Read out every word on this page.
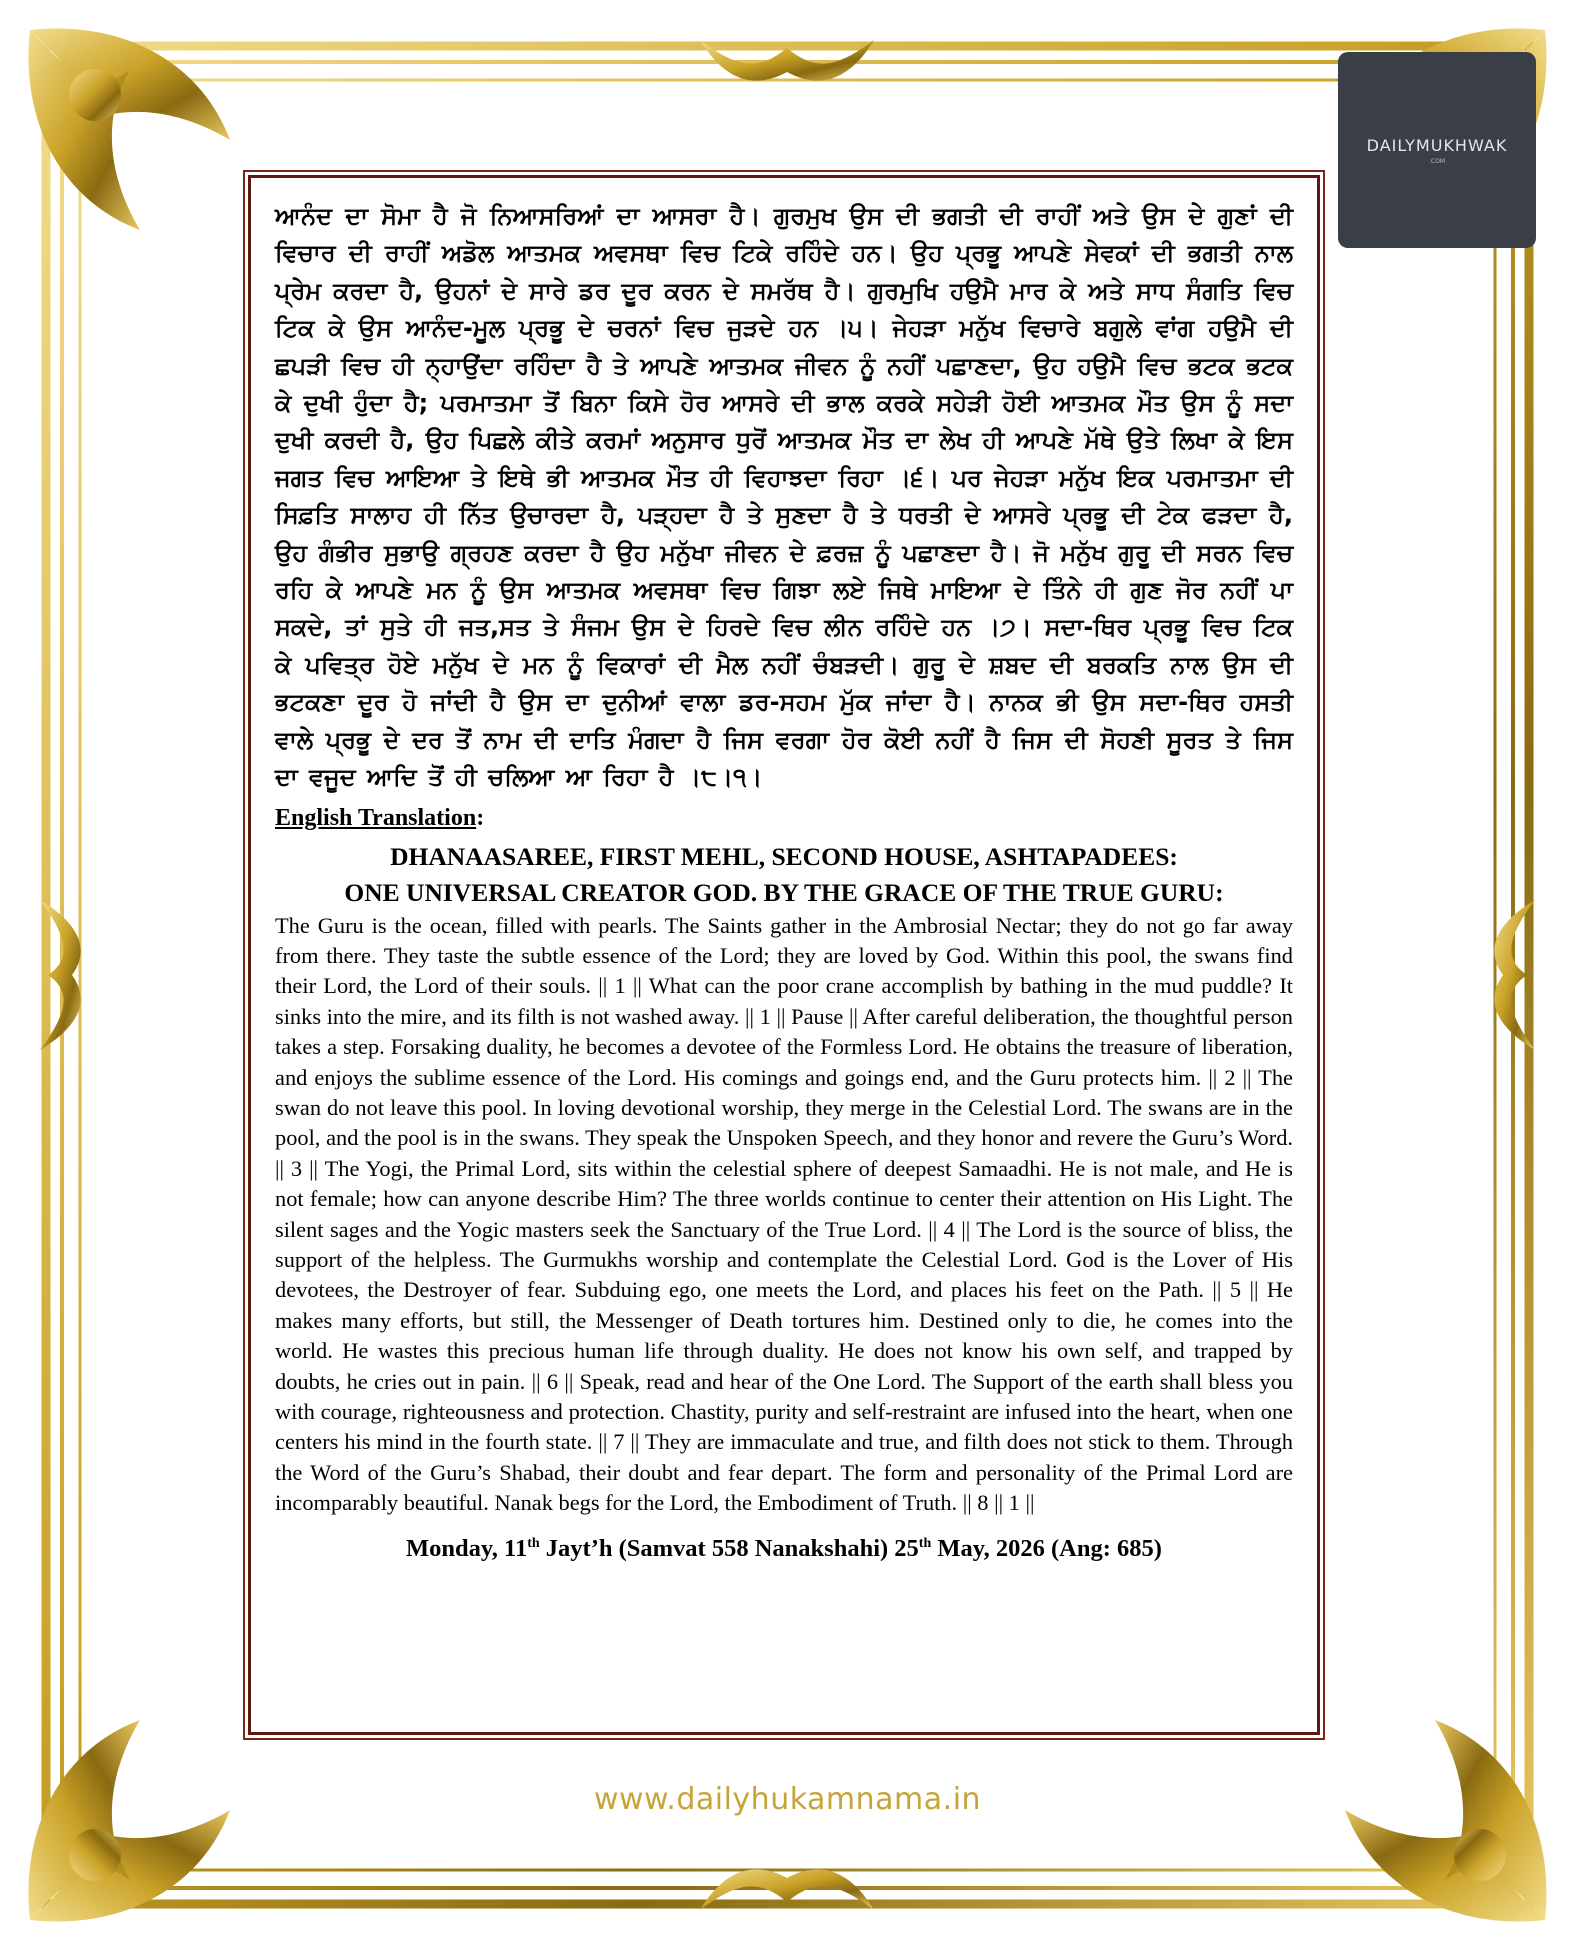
DAILYMUKHWAK
.COM

ਆਨੰਦ ਦਾ ਸੋਮਾ ਹੈ ਜੋ ਨਿਆਸਰਿਆਂ ਦਾ ਆਸਰਾ ਹੈ। ਗੁਰਮੁਖ ਉਸ ਦੀ ਭਗਤੀ ਦੀ ਰਾਹੀਂ ਅਤੇ ਉਸ ਦੇ ਗੁਣਾਂ ਦੀ ਵਿਚਾਰ ਦੀ ਰਾਹੀਂ ਅਡੋਲ ਆਤਮਕ ਅਵਸਥਾ ਵਿਚ ਟਿਕੇ ਰਹਿੰਦੇ ਹਨ। ਉਹ ਪ੍ਰਭੂ ਆਪਣੇ ਸੇਵਕਾਂ ਦੀ ਭਗਤੀ ਨਾਲ ਪ੍ਰੇਮ ਕਰਦਾ ਹੈ, ਉਹਨਾਂ ਦੇ ਸਾਰੇ ਡਰ ਦੂਰ ਕਰਨ ਦੇ ਸਮਰੱਥ ਹੈ। ਗੁਰਮੁਖਿ ਹਉਮੈ ਮਾਰ ਕੇ ਅਤੇ ਸਾਧ ਸੰਗਤਿ ਵਿਚ ਟਿਕ ਕੇ ਉਸ ਆਨੰਦ-ਮੂਲ ਪ੍ਰਭੂ ਦੇ ਚਰਨਾਂ ਵਿਚ ਜੁੜਦੇ ਹਨ ।੫। ਜੇਹੜਾ ਮਨੁੱਖ ਵਿਚਾਰੇ ਬਗੁਲੇ ਵਾਂਗ ਹਉਮੈ ਦੀ ਛਪੜੀ ਵਿਚ ਹੀ ਨ੍ਹਾਉਂਦਾ ਰਹਿੰਦਾ ਹੈ ਤੇ ਆਪਣੇ ਆਤਮਕ ਜੀਵਨ ਨੂੰ ਨਹੀਂ ਪਛਾਣਦਾ, ਉਹ ਹਉਮੈ ਵਿਚ ਭਟਕ ਭਟਕ ਕੇ ਦੁਖੀ ਹੁੰਦਾ ਹੈ; ਪਰਮਾਤਮਾ ਤੋਂ ਬਿਨਾ ਕਿਸੇ ਹੋਰ ਆਸਰੇ ਦੀ ਭਾਲ ਕਰਕੇ ਸਹੇੜੀ ਹੋਈ ਆਤਮਕ ਮੌਤ ਉਸ ਨੂੰ ਸਦਾ ਦੁਖੀ ਕਰਦੀ ਹੈ, ਉਹ ਪਿਛਲੇ ਕੀਤੇ ਕਰਮਾਂ ਅਨੁਸਾਰ ਧੁਰੋਂ ਆਤਮਕ ਮੌਤ ਦਾ ਲੇਖ ਹੀ ਆਪਣੇ ਮੱਥੇ ਉਤੇ ਲਿਖਾ ਕੇ ਇਸ ਜਗਤ ਵਿਚ ਆਇਆ ਤੇ ਇਥੇ ਭੀ ਆਤਮਕ ਮੌਤ ਹੀ ਵਿਹਾਝਦਾ ਰਿਹਾ ।੬। ਪਰ ਜੇਹੜਾ ਮਨੁੱਖ ਇਕ ਪਰਮਾਤਮਾ ਦੀ ਸਿਫ਼ਤਿ ਸਾਲਾਹ ਹੀ ਨਿੱਤ ਉਚਾਰਦਾ ਹੈ, ਪੜ੍ਹਦਾ ਹੈ ਤੇ ਸੁਣਦਾ ਹੈ ਤੇ ਧਰਤੀ ਦੇ ਆਸਰੇ ਪ੍ਰਭੂ ਦੀ ਟੇਕ ਫੜਦਾ ਹੈ, ਉਹ ਗੰਭੀਰ ਸੁਭਾਉ ਗ੍ਰਹਣ ਕਰਦਾ ਹੈ ਉਹ ਮਨੁੱਖਾ ਜੀਵਨ ਦੇ ਫ਼ਰਜ਼ ਨੂੰ ਪਛਾਣਦਾ ਹੈ। ਜੋ ਮਨੁੱਖ ਗੁਰੂ ਦੀ ਸਰਨ ਵਿਚ ਰਹਿ ਕੇ ਆਪਣੇ ਮਨ ਨੂੰ ਉਸ ਆਤਮਕ ਅਵਸਥਾ ਵਿਚ ਗਿਝਾ ਲਏ ਜਿਥੇ ਮਾਇਆ ਦੇ ਤਿੰਨੇ ਹੀ ਗੁਣ ਜੋਰ ਨਹੀਂ ਪਾ ਸਕਦੇ, ਤਾਂ ਸੁਤੇ ਹੀ ਜਤ,ਸਤ ਤੇ ਸੰਜਮ ਉਸ ਦੇ ਹਿਰਦੇ ਵਿਚ ਲੀਨ ਰਹਿੰਦੇ ਹਨ ।੭। ਸਦਾ-ਥਿਰ ਪ੍ਰਭੂ ਵਿਚ ਟਿਕ ਕੇ ਪਵਿਤ੍ਰ ਹੋਏ ਮਨੁੱਖ ਦੇ ਮਨ ਨੂੰ ਵਿਕਾਰਾਂ ਦੀ ਮੈਲ ਨਹੀਂ ਚੰਬੜਦੀ। ਗੁਰੂ ਦੇ ਸ਼ਬਦ ਦੀ ਬਰਕਤਿ ਨਾਲ ਉਸ ਦੀ ਭਟਕਣਾ ਦੂਰ ਹੋ ਜਾਂਦੀ ਹੈ ਉਸ ਦਾ ਦੁਨੀਆਂ ਵਾਲਾ ਡਰ-ਸਹਮ ਮੁੱਕ ਜਾਂਦਾ ਹੈ। ਨਾਨਕ ਭੀ ਉਸ ਸਦਾ-ਥਿਰ ਹਸਤੀ ਵਾਲੇ ਪ੍ਰਭੂ ਦੇ ਦਰ ਤੋਂ ਨਾਮ ਦੀ ਦਾਤਿ ਮੰਗਦਾ ਹੈ ਜਿਸ ਵਰਗਾ ਹੋਰ ਕੋਈ ਨਹੀਂ ਹੈ ਜਿਸ ਦੀ ਸੋਹਣੀ ਸੂਰਤ ਤੇ ਜਿਸ ਦਾ ਵਜੂਦ ਆਦਿ ਤੋਂ ਹੀ ਚਲਿਆ ਆ ਰਿਹਾ ਹੈ ।੮।੧।

English Translation:

DHANAASAREE, FIRST MEHL, SECOND HOUSE, ASHTAPADEES:

ONE UNIVERSAL CREATOR GOD. BY THE GRACE OF THE TRUE GURU:

The Guru is the ocean, filled with pearls. The Saints gather in the Ambrosial Nectar; they do not go far away from there. They taste the subtle essence of the Lord; they are loved by God. Within this pool, the swans find their Lord, the Lord of their souls. || 1 || What can the poor crane accomplish by bathing in the mud puddle? It sinks into the mire, and its filth is not washed away. || 1 || Pause || After careful deliberation, the thoughtful person takes a step. Forsaking duality, he becomes a devotee of the Formless Lord. He obtains the treasure of liberation, and enjoys the sublime essence of the Lord. His comings and goings end, and the Guru protects him. || 2 || The swan do not leave this pool. In loving devotional worship, they merge in the Celestial Lord. The swans are in the pool, and the pool is in the swans. They speak the Unspoken Speech, and they honor and revere the Guru’s Word. || 3 || The Yogi, the Primal Lord, sits within the celestial sphere of deepest Samaadhi. He is not male, and He is not female; how can anyone describe Him? The three worlds continue to center their attention on His Light. The silent sages and the Yogic masters seek the Sanctuary of the True Lord. || 4 || The Lord is the source of bliss, the support of the helpless. The Gurmukhs worship and contemplate the Celestial Lord. God is the Lover of His devotees, the Destroyer of fear. Subduing ego, one meets the Lord, and places his feet on the Path. || 5 || He makes many efforts, but still, the Messenger of Death tortures him. Destined only to die, he comes into the world. He wastes this precious human life through duality. He does not know his own self, and trapped by doubts, he cries out in pain. || 6 || Speak, read and hear of the One Lord. The Support of the earth shall bless you with courage, righteousness and protection. Chastity, purity and self-restraint are infused into the heart, when one centers his mind in the fourth state. || 7 || They are immaculate and true, and filth does not stick to them. Through the Word of the Guru’s Shabad, their doubt and fear depart. The form and personality of the Primal Lord are incomparably beautiful. Nanak begs for the Lord, the Embodiment of Truth. || 8 || 1 ||

Monday, 11th Jayt’h (Samvat 558 Nanakshahi) 25th May, 2026 (Ang: 685)

www.dailyhukamnama.in
